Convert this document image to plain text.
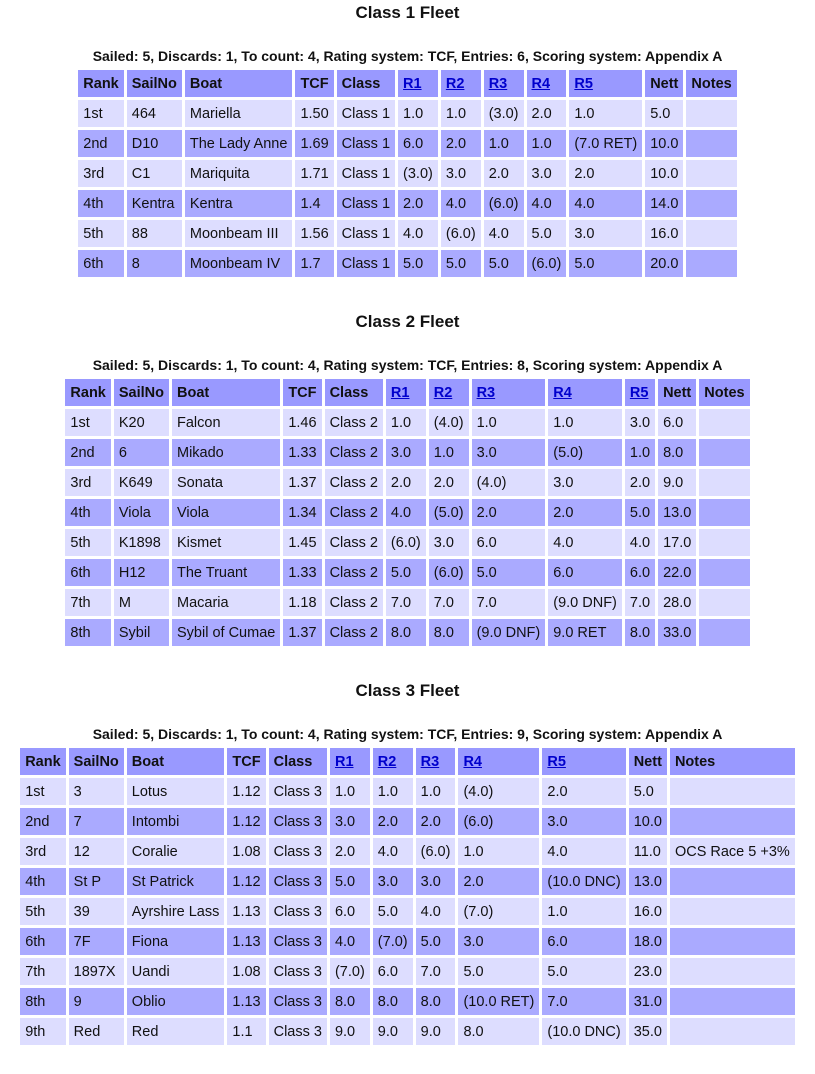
Class 1 Fleet

Sailed: 5, Discards: 1, To count: 4, Rating system: TCF, Entries: 6, Scoring system: Appendix A

Rank	SailNo	Boat	TCF	Class	R1	R2	R3	R4	R5	Nett	Notes
1st	464	Mariella	1.50	Class 1	1.0	1.0	(3.0)	2.0	1.0	5.0	
2nd	D10	The Lady Anne	1.69	Class 1	6.0	2.0	1.0	1.0	(7.0 RET)	10.0	
3rd	C1	Mariquita	1.71	Class 1	(3.0)	3.0	2.0	3.0	2.0	10.0	
4th	Kentra	Kentra	1.4	Class 1	2.0	4.0	(6.0)	4.0	4.0	14.0	
5th	88	Moonbeam III	1.56	Class 1	4.0	(6.0)	4.0	5.0	3.0	16.0	
6th	8	Moonbeam IV	1.7	Class 1	5.0	5.0	5.0	(6.0)	5.0	20.0	
Class 2 Fleet

Sailed: 5, Discards: 1, To count: 4, Rating system: TCF, Entries: 8, Scoring system: Appendix A

Rank	SailNo	Boat	TCF	Class	R1	R2	R3	R4	R5	Nett	Notes
1st	K20	Falcon	1.46	Class 2	1.0	(4.0)	1.0	1.0	3.0	6.0	
2nd	6	Mikado	1.33	Class 2	3.0	1.0	3.0	(5.0)	1.0	8.0	
3rd	K649	Sonata	1.37	Class 2	2.0	2.0	(4.0)	3.0	2.0	9.0	
4th	Viola	Viola	1.34	Class 2	4.0	(5.0)	2.0	2.0	5.0	13.0	
5th	K1898	Kismet	1.45	Class 2	(6.0)	3.0	6.0	4.0	4.0	17.0	
6th	H12	The Truant	1.33	Class 2	5.0	(6.0)	5.0	6.0	6.0	22.0	
7th	M	Macaria	1.18	Class 2	7.0	7.0	7.0	(9.0 DNF)	7.0	28.0	
8th	Sybil	Sybil of Cumae	1.37	Class 2	8.0	8.0	(9.0 DNF)	9.0 RET	8.0	33.0	
Class 3 Fleet

Sailed: 5, Discards: 1, To count: 4, Rating system: TCF, Entries: 9, Scoring system: Appendix A

Rank	SailNo	Boat	TCF	Class	R1	R2	R3	R4	R5	Nett	Notes
1st	3	Lotus	1.12	Class 3	1.0	1.0	1.0	(4.0)	2.0	5.0	
2nd	7	Intombi	1.12	Class 3	3.0	2.0	2.0	(6.0)	3.0	10.0	
3rd	12	Coralie	1.08	Class 3	2.0	4.0	(6.0)	1.0	4.0	11.0	OCS Race 5 +3%
4th	St P	St Patrick	1.12	Class 3	5.0	3.0	3.0	2.0	(10.0 DNC)	13.0	
5th	39	Ayrshire Lass	1.13	Class 3	6.0	5.0	4.0	(7.0)	1.0	16.0	
6th	7F	Fiona	1.13	Class 3	4.0	(7.0)	5.0	3.0	6.0	18.0	
7th	1897X	Uandi	1.08	Class 3	(7.0)	6.0	7.0	5.0	5.0	23.0	
8th	9	Oblio	1.13	Class 3	8.0	8.0	8.0	(10.0 RET)	7.0	31.0	
9th	Red	Red	1.1	Class 3	9.0	9.0	9.0	8.0	(10.0 DNC)	35.0	
